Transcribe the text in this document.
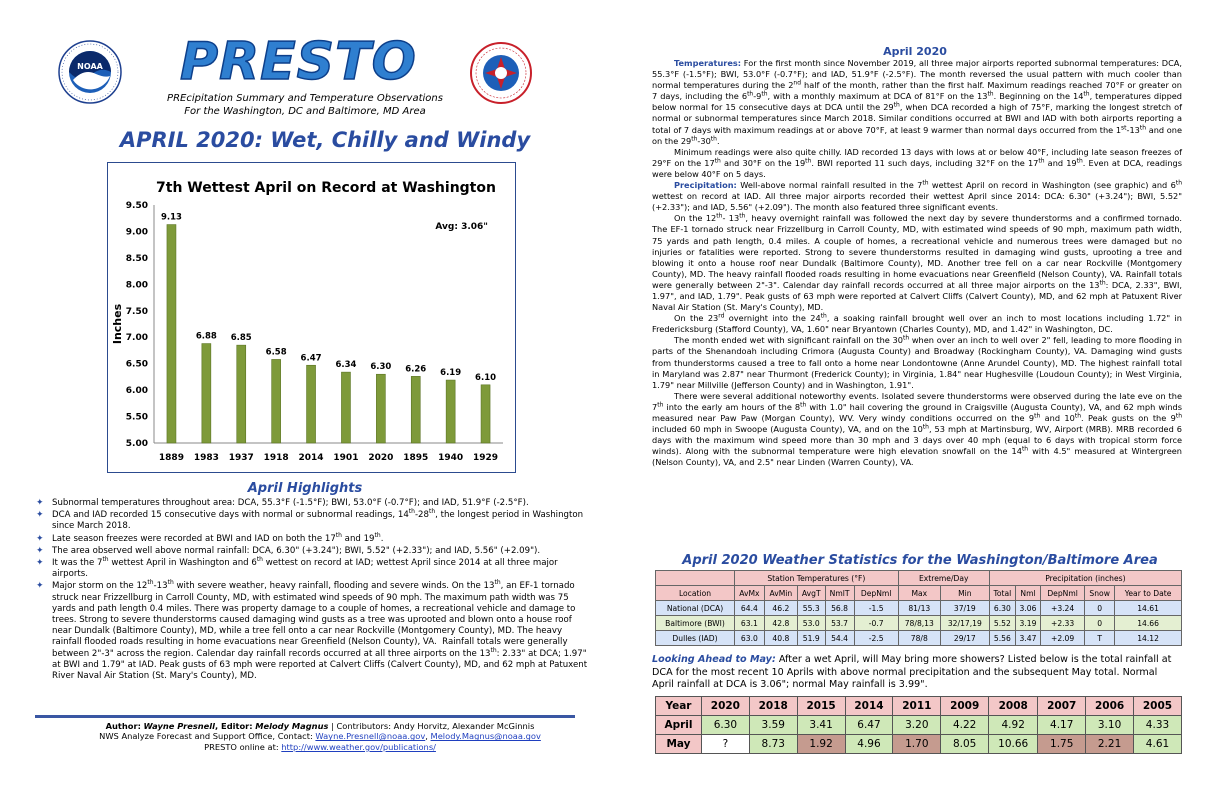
NOAA PRESTO
PREcipitation Summary and Temperature Observations
For the Washington, DC and Baltimore, MD Area
APRIL 2020: Wet, Chilly and Windy
7th Wettest April on Record at Washington
Avg: 3.06"
Inches
5.00
5.50
6.00
6.50
7.00
7.50
8.00
8.50
9.00
9.50
9.13
1889
6.88
1983
6.85
1937
6.58
1918
6.47
2014
6.34
1901
6.30
2020
6.26
1895
6.19
1940
6.10
1929
April Highlights
✦ Subnormal temperatures throughout area: DCA, 55.3°F (-1.5°F); BWI, 53.0°F (-0.7°F); and IAD, 51.9°F (-2.5°F).
✦ DCA and IAD recorded 15 consecutive days with normal or subnormal readings, 14th-28th, the longest period in Washington since March 2018.
✦ Late season freezes were recorded at BWI and IAD on both the 17th and 19th.
✦ The area observed well above normal rainfall: DCA, 6.30" (+3.24"); BWI, 5.52" (+2.33"); and IAD, 5.56" (+2.09").
✦ It was the 7th wettest April in Washington and 6th wettest on record at IAD; wettest April since 2014 at all three major airports.
✦ Major storm on the 12th-13th with severe weather, heavy rainfall, flooding and severe winds. On the 13th, an EF-1 tornado struck near Frizzellburg in Carroll County, MD, with estimated wind speeds of 90 mph. The maximum path width was 75 yards and path length 0.4 miles. There was property damage to a couple of homes, a recreational vehicle and damage to trees. Strong to severe thunderstorms caused damaging wind gusts as a tree was uprooted and blown onto a house roof near Dundalk (Baltimore County), MD, while a tree fell onto a car near Rockville (Montgomery County), MD. The heavy rainfall flooded roads resulting in home evacuations near Greenfield (Nelson County), VA.  Rainfall totals were generally between 2"-3" across the region. Calendar day rainfall records occurred at all three airports on the 13th: 2.33" at DCA; 1.97" at BWI and 1.79" at IAD. Peak gusts of 63 mph were reported at Calvert Cliffs (Calvert County), MD, and 62 mph at Patuxent River Naval Air Station (St. Mary's County), MD.
Author: Wayne Presnell, Editor: Melody Magnus | Contributors: Andy Horvitz, Alexander McGinnis
NWS Analyze Forecast and Support Office, Contact: Wayne.Presnell@noaa.gov, Melody.Magnus@noaa.gov
PRESTO online at: http://www.weather.gov/publications/
April 2020

Temperatures: For the first month since November 2019, all three major airports reported subnormal temperatures: DCA, 55.3°F (-1.5°F); BWI, 53.0°F (-0.7°F); and IAD, 51.9°F (-2.5°F). The month reversed the usual pattern with much cooler than normal temperatures during the 2nd half of the month, rather than the first half. Maximum readings reached 70°F or greater on 7 days, including the 6th-9th, with a monthly maximum at DCA of 81°F on the 13th. Beginning on the 14th, temperatures dipped below normal for 15 consecutive days at DCA until the 29th, when DCA recorded a high of 75°F, marking the longest stretch of normal or subnormal temperatures since March 2018. Similar conditions occurred at BWI and IAD with both airports reporting a total of 7 days with maximum readings at or above 70°F, at least 9 warmer than normal days occurred from the 1st-13th and one on the 29th-30th.

Minimum readings were also quite chilly. IAD recorded 13 days with lows at or below 40°F, including late season freezes of 29°F on the 17th and 30°F on the 19th. BWI reported 11 such days, including 32°F on the 17th and 19th. Even at DCA, readings were below 40°F on 5 days.

Precipitation: Well-above normal rainfall resulted in the 7th wettest April on record in Washington (see graphic) and 6th wettest on record at IAD. All three major airports recorded their wettest April since 2014: DCA: 6.30" (+3.24"); BWI, 5.52" (+2.33"); and IAD, 5.56" (+2.09"). The month also featured three significant events.

On the 12th- 13th, heavy overnight rainfall was followed the next day by severe thunderstorms and a confirmed tornado. The EF-1 tornado struck near Frizzellburg in Carroll County, MD, with estimated wind speeds of 90 mph, maximum path width, 75 yards and path length, 0.4 miles. A couple of homes, a recreational vehicle and numerous trees were damaged but no injuries or fatalities were reported. Strong to severe thunderstorms resulted in damaging wind gusts, uprooting a tree and blowing it onto a house roof near Dundalk (Baltimore County), MD. Another tree fell on a car near Rockville (Montgomery County), MD. The heavy rainfall flooded roads resulting in home evacuations near Greenfield (Nelson County), VA. Rainfall totals were generally between 2"-3". Calendar day rainfall records occurred at all three major airports on the 13th: DCA, 2.33", BWI, 1.97", and IAD, 1.79". Peak gusts of 63 mph were reported at Calvert Cliffs (Calvert County), MD, and 62 mph at Patuxent River Naval Air Station (St. Mary's County), MD.

On the 23rd overnight into the 24th, a soaking rainfall brought well over an inch to most locations including 1.72" in Fredericksburg (Stafford County), VA, 1.60" near Bryantown (Charles County), MD, and 1.42" in Washington, DC.

The month ended wet with significant rainfall on the 30th when over an inch to well over 2" fell, leading to more flooding in parts of the Shenandoah including Crimora (Augusta County) and Broadway (Rockingham County), VA. Damaging wind gusts from thunderstorms caused a tree to fall onto a home near Londontowne (Anne Arundel County), MD. The highest rainfall total in Maryland was 2.87" near Thurmont (Frederick County); in Virginia, 1.84" near Hughesville (Loudoun County); in West Virginia, 1.79" near Millville (Jefferson County) and in Washington, 1.91".

There were several additional noteworthy events. Isolated severe thunderstorms were observed during the late eve on the 7th into the early am hours of the 8th with 1.0" hail covering the ground in Craigsville (Augusta County), VA, and 62 mph winds measured near Paw Paw (Morgan County), WV. Very windy conditions occurred on the 9th and 10th. Peak gusts on the 9th included 60 mph in Swoope (Augusta County), VA, and on the 10th, 53 mph at Martinsburg, WV, Airport (MRB). MRB recorded 6 days with the maximum wind speed more than 30 mph and 3 days over 40 mph (equal to 6 days with tropical storm force winds). Along with the subnormal temperature were high elevation snowfall on the 14th with 4.5" measured at Wintergreen (Nelson County), VA, and 2.5" near Linden (Warren County), VA.

April 2020 Weather Statistics for the Washington/Baltimore Area
	Station Temperatures (°F)					Extreme/Day		Precipitation (inches)				
Location	AvMx	AvMin	AvgT	NmlT	DepNml	Max	Min	Total	Nml	DepNml	Snow	Year to Date
National (DCA)	64.4	46.2	55.3	56.8	-1.5	81/13	37/19	6.30	3.06	+3.24	0	14.61
Baltimore (BWI)	63.1	42.8	53.0	53.7	-0.7	78/8,13	32/17,19	5.52	3.19	+2.33	0	14.66
Dulles (IAD)	63.0	40.8	51.9	54.4	-2.5	78/8	29/17	5.56	3.47	+2.09	T	14.12
Looking Ahead to May: After a wet April, will May bring more showers? Listed below is the total rainfall at DCA for the most recent 10 Aprils with above normal precipitation and the subsequent May total. Normal April rainfall at DCA is 3.06"; normal May rainfall is 3.99".
Year	2020	2018	2015	2014	2011	2009	2008	2007	2006	2005
April	6.30	3.59	3.41	6.47	3.20	4.22	4.92	4.17	3.10	4.33
May	?	8.73	1.92	4.96	1.70	8.05	10.66	1.75	2.21	4.61
